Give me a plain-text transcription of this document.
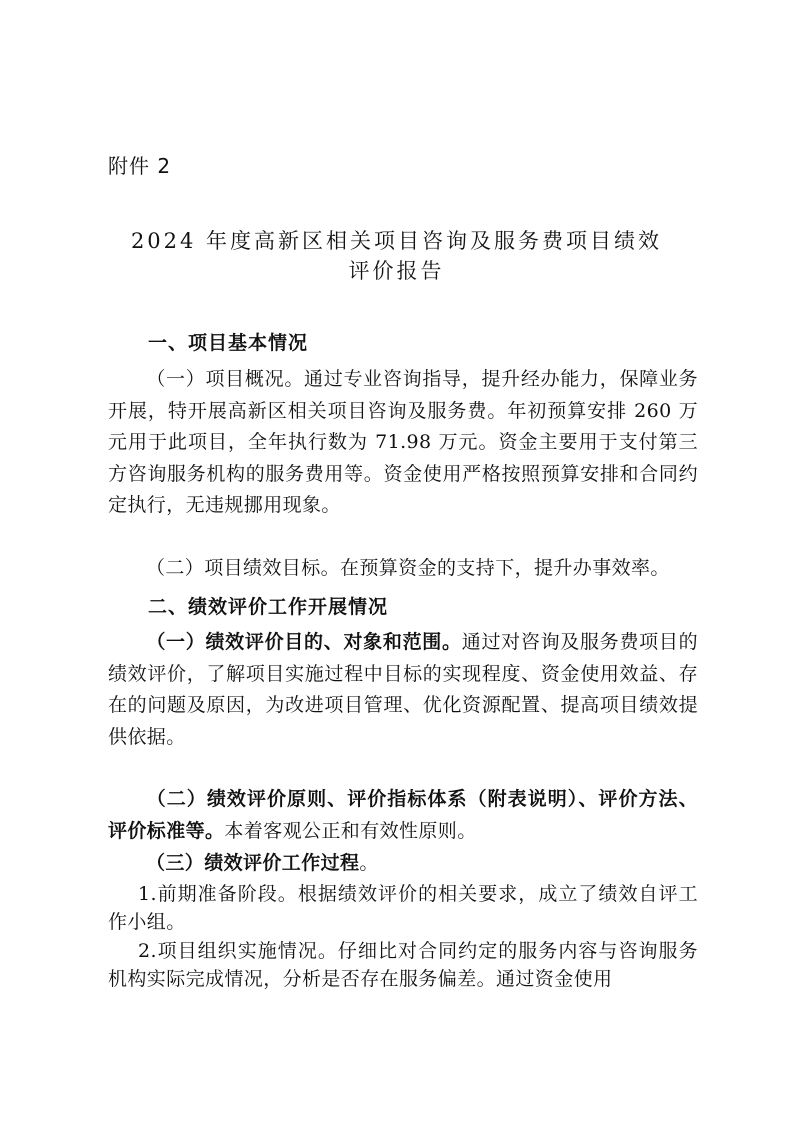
附件 2
2024 年度高新区相关项目咨询及服务费项目绩效
评价报告
一、项目基本情况
（一）项目概况。通过专业咨询指导，提升经办能力，保障业务开展，特开展高新区相关项目咨询及服务费。年初预算安排 260 万元用于此项目，全年执行数为 71.98 万元。资金主要用于支付第三方咨询服务机构的服务费用等。资金使用严格按照预算安排和合同约定执行，无违规挪用现象。
（二）项目绩效目标。在预算资金的支持下，提升办事效率。
二、绩效评价工作开展情况
（一）绩效评价目的、对象和范围。通过对咨询及服务费项目的绩效评价，了解项目实施过程中目标的实现程度、资金使用效益、存在的问题及原因，为改进项目管理、优化资源配置、提高项目绩效提供依据。
（二）绩效评价原则、评价指标体系（附表说明）、评价方法、评价标准等。本着客观公正和有效性原则。
（三）绩效评价工作过程。
1.前期准备阶段。根据绩效评价的相关要求，成立了绩效自评工作小组。
2.项目组织实施情况。仔细比对合同约定的服务内容与咨询服务机构实际完成情况，分析是否存在服务偏差。通过资金使用
